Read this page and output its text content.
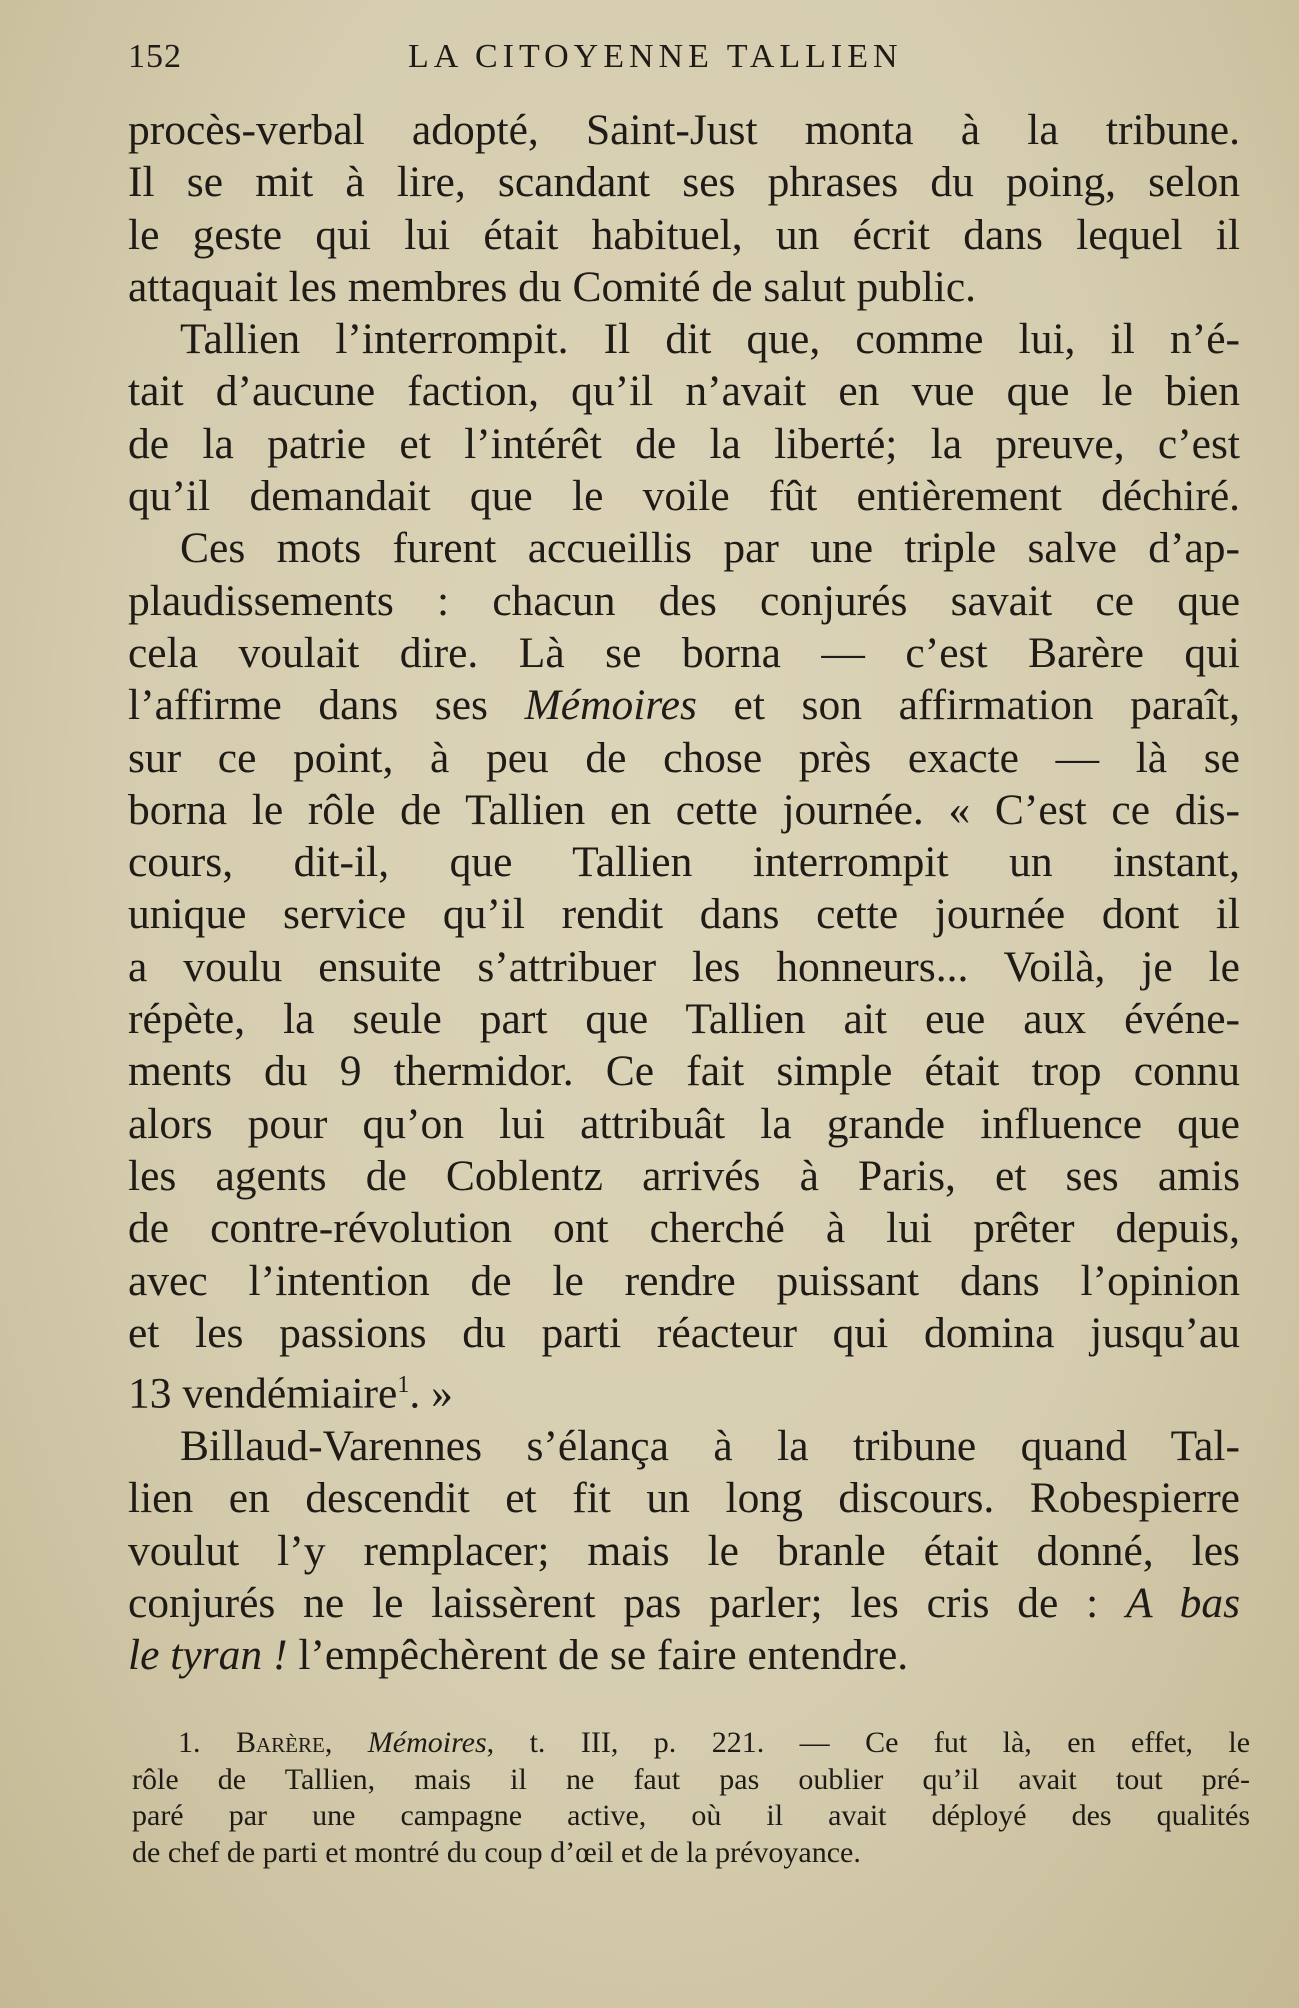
152	LA CITOYENNE TALLIEN
procès-verbal adopté, Saint-Just monta à la tribune.
Il se mit à lire, scandant ses phrases du poing, selon
le geste qui lui était habituel, un écrit dans lequel il
attaquait les membres du Comité de salut public.
Tallien l’interrompit. Il dit que, comme lui, il n’é-
tait d’aucune faction, qu’il n’avait en vue que le bien
de la patrie et l’intérêt de la liberté; la preuve, c’est
qu’il demandait que le voile fût entièrement déchiré.
Ces mots furent accueillis par une triple salve d’ap-
plaudissements : chacun des conjurés savait ce que
cela voulait dire. Là se borna — c’est Barère qui
l’affirme dans ses Mémoires et son affirmation paraît,
sur ce point, à peu de chose près exacte — là se
borna le rôle de Tallien en cette journée. « C’est ce dis-
cours, dit-il, que Tallien interrompit un instant,
unique service qu’il rendit dans cette journée dont il
a voulu ensuite s’attribuer les honneurs... Voilà, je le
répète, la seule part que Tallien ait eue aux événe-
ments du 9 thermidor. Ce fait simple était trop connu
alors pour qu’on lui attribuât la grande influence que
les agents de Coblentz arrivés à Paris, et ses amis
de contre-révolution ont cherché à lui prêter depuis,
avec l’intention de le rendre puissant dans l’opinion
et les passions du parti réacteur qui domina jusqu’au
13 vendémiaire$^1$. »
Billaud-Varennes s’élança à la tribune quand Tal-
lien en descendit et fit un long discours. Robespierre
voulut l’y remplacer; mais le branle était donné, les
conjurés ne le laissèrent pas parler; les cris de : A bas
le tyran ! l’empêchèrent de se faire entendre.
1. Barère, Mémoires, t. III, p. 221. — Ce fut là, en effet, le
rôle de Tallien, mais il ne faut pas oublier qu’il avait tout pré-
paré par une campagne active, où il avait déployé des qualités
de chef de parti et montré du coup d’œil et de la prévoyance.
